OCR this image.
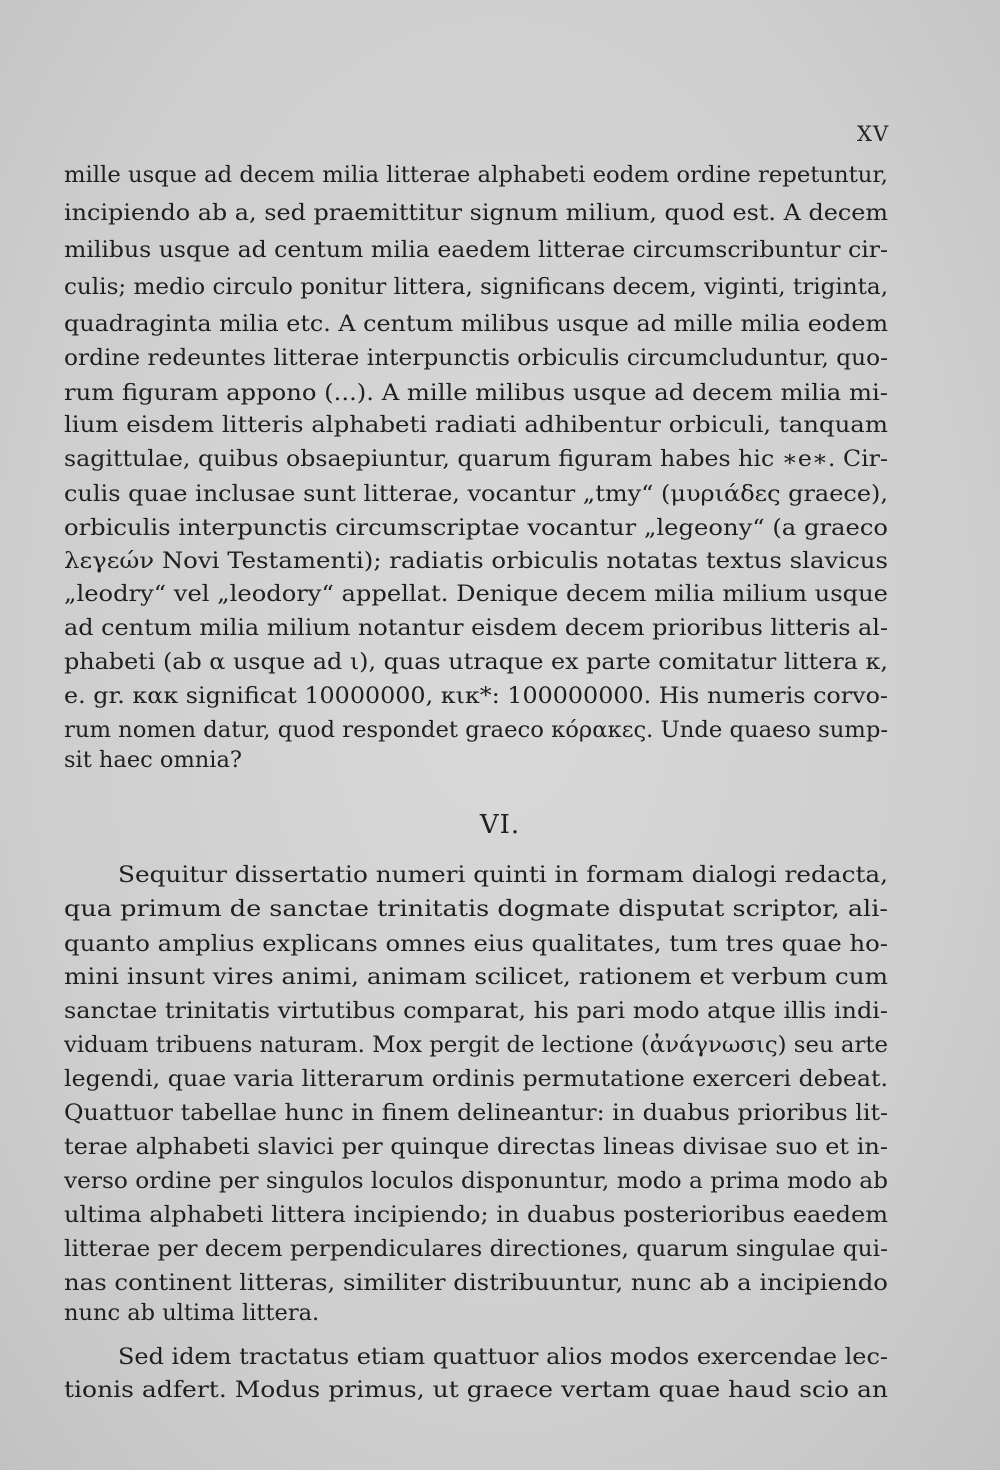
XV

mille usque ad decem milia litterae alphabeti eodem ordine repetuntur,

incipiendo ab a, sed praemittitur signum milium, quod est. A decem

milibus usque ad centum milia eaedem litterae circumscribuntur cir-

culis; medio circulo ponitur littera, significans decem, viginti, triginta,

quadraginta milia etc. A centum milibus usque ad mille milia eodem

ordine redeuntes litterae interpunctis orbiculis circumcluduntur, quo-

rum figuram appono (...). A mille milibus usque ad decem milia mi-

lium eisdem litteris alphabeti radiati adhibentur orbiculi, tanquam

sagittulae, quibus obsaepiuntur, quarum figuram habes hic ∗e∗. Cir-

culis quae inclusae sunt litterae, vocantur „tmy“ (μυριάδες graece),

orbiculis interpunctis circumscriptae vocantur „legeony“ (a graeco

λεγεών Novi Testamenti); radiatis orbiculis notatas textus slavicus

„leodry“ vel „leodory“ appellat. Denique decem milia milium usque

ad centum milia milium notantur eisdem decem prioribus litteris al-

phabeti (ab α usque ad ι), quas utraque ex parte comitatur littera κ,

e. gr. κακ significat 10000000, κικ*: 100000000. His numeris corvo-

rum nomen datur, quod respondet graeco κόρακες. Unde quaeso sump-

sit haec omnia?

VI.

Sequitur dissertatio numeri quinti in formam dialogi redacta,

qua primum de sanctae trinitatis dogmate disputat scriptor, ali-

quanto amplius explicans omnes eius qualitates, tum tres quae ho-

mini insunt vires animi, animam scilicet, rationem et verbum cum

sanctae trinitatis virtutibus comparat, his pari modo atque illis indi-

viduam tribuens naturam. Mox pergit de lectione (ἀνάγνωσις) seu arte

legendi, quae varia litterarum ordinis permutatione exerceri debeat.

Quattuor tabellae hunc in finem delineantur: in duabus prioribus lit-

terae alphabeti slavici per quinque directas lineas divisae suo et in-

verso ordine per singulos loculos disponuntur, modo a prima modo ab

ultima alphabeti littera incipiendo; in duabus posterioribus eaedem

litterae per decem perpendiculares directiones, quarum singulae qui-

nas continent litteras, similiter distribuuntur, nunc ab a incipiendo

nunc ab ultima littera.

Sed idem tractatus etiam quattuor alios modos exercendae lec-

tionis adfert. Modus primus, ut graece vertam quae haud scio an
